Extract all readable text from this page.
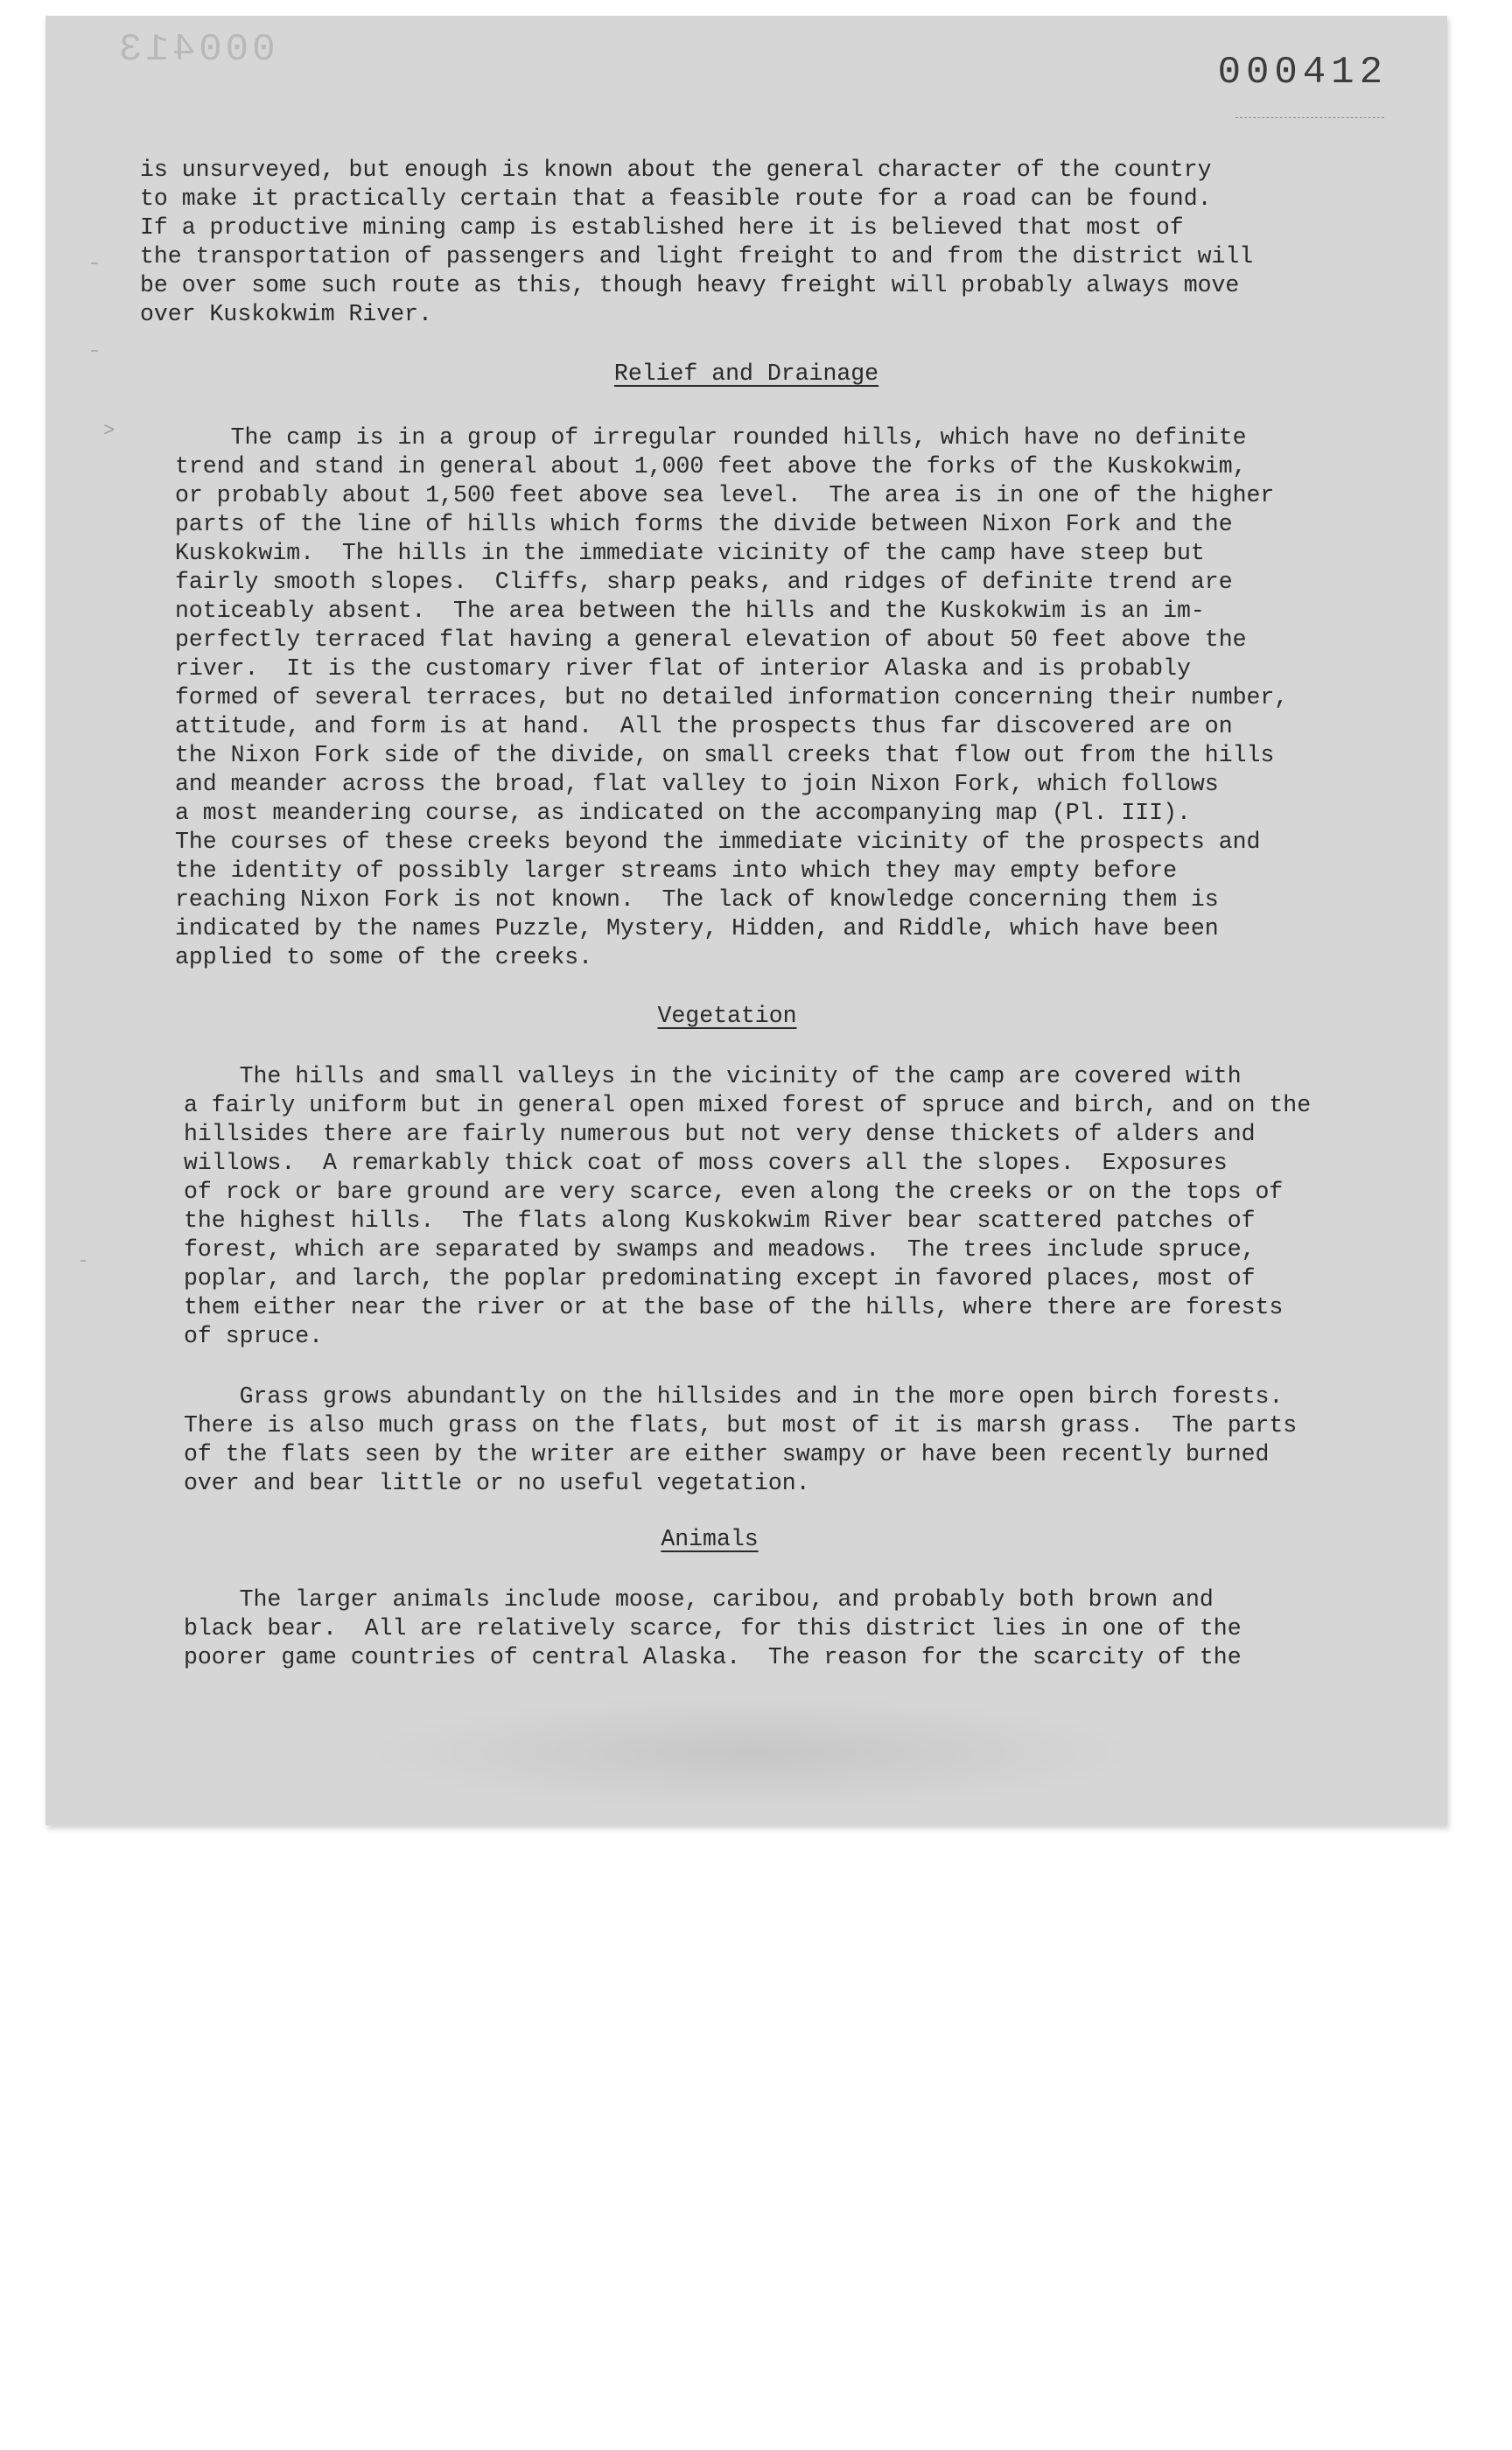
000413
000412
>

is unsurveyed, but enough is known about the general character of the country
to make it practically certain that a feasible route for a road can be found.
If a productive mining camp is established here it is believed that most of
the transportation of passengers and light freight to and from the district will
be over some such route as this, though heavy freight will probably always move
over Kuskokwim River.

Relief and Drainage

The camp is in a group of irregular rounded hills, which have no definite
trend and stand in general about 1,000 feet above the forks of the Kuskokwim,
or probably about 1,500 feet above sea level.  The area is in one of the higher
parts of the line of hills which forms the divide between Nixon Fork and the
Kuskokwim.  The hills in the immediate vicinity of the camp have steep but
fairly smooth slopes.  Cliffs, sharp peaks, and ridges of definite trend are
noticeably absent.  The area between the hills and the Kuskokwim is an im-
perfectly terraced flat having a general elevation of about 50 feet above the
river.  It is the customary river flat of interior Alaska and is probably
formed of several terraces, but no detailed information concerning their number,
attitude, and form is at hand.  All the prospects thus far discovered are on
the Nixon Fork side of the divide, on small creeks that flow out from the hills
and meander across the broad, flat valley to join Nixon Fork, which follows
a most meandering course, as indicated on the accompanying map (Pl. III).
The courses of these creeks beyond the immediate vicinity of the prospects and
the identity of possibly larger streams into which they may empty before
reaching Nixon Fork is not known.  The lack of knowledge concerning them is
indicated by the names Puzzle, Mystery, Hidden, and Riddle, which have been
applied to some of the creeks.

Vegetation

The hills and small valleys in the vicinity of the camp are covered with
a fairly uniform but in general open mixed forest of spruce and birch, and on the
hillsides there are fairly numerous but not very dense thickets of alders and
willows.  A remarkably thick coat of moss covers all the slopes.  Exposures
of rock or bare ground are very scarce, even along the creeks or on the tops of
the highest hills.  The flats along Kuskokwim River bear scattered patches of
forest, which are separated by swamps and meadows.  The trees include spruce,
poplar, and larch, the poplar predominating except in favored places, most of
them either near the river or at the base of the hills, where there are forests
of spruce.

Grass grows abundantly on the hillsides and in the more open birch forests.
There is also much grass on the flats, but most of it is marsh grass.  The parts
of the flats seen by the writer are either swampy or have been recently burned
over and bear little or no useful vegetation.

Animals

The larger animals include moose, caribou, and probably both brown and
black bear.  All are relatively scarce, for this district lies in one of the
poorer game countries of central Alaska.  The reason for the scarcity of the
